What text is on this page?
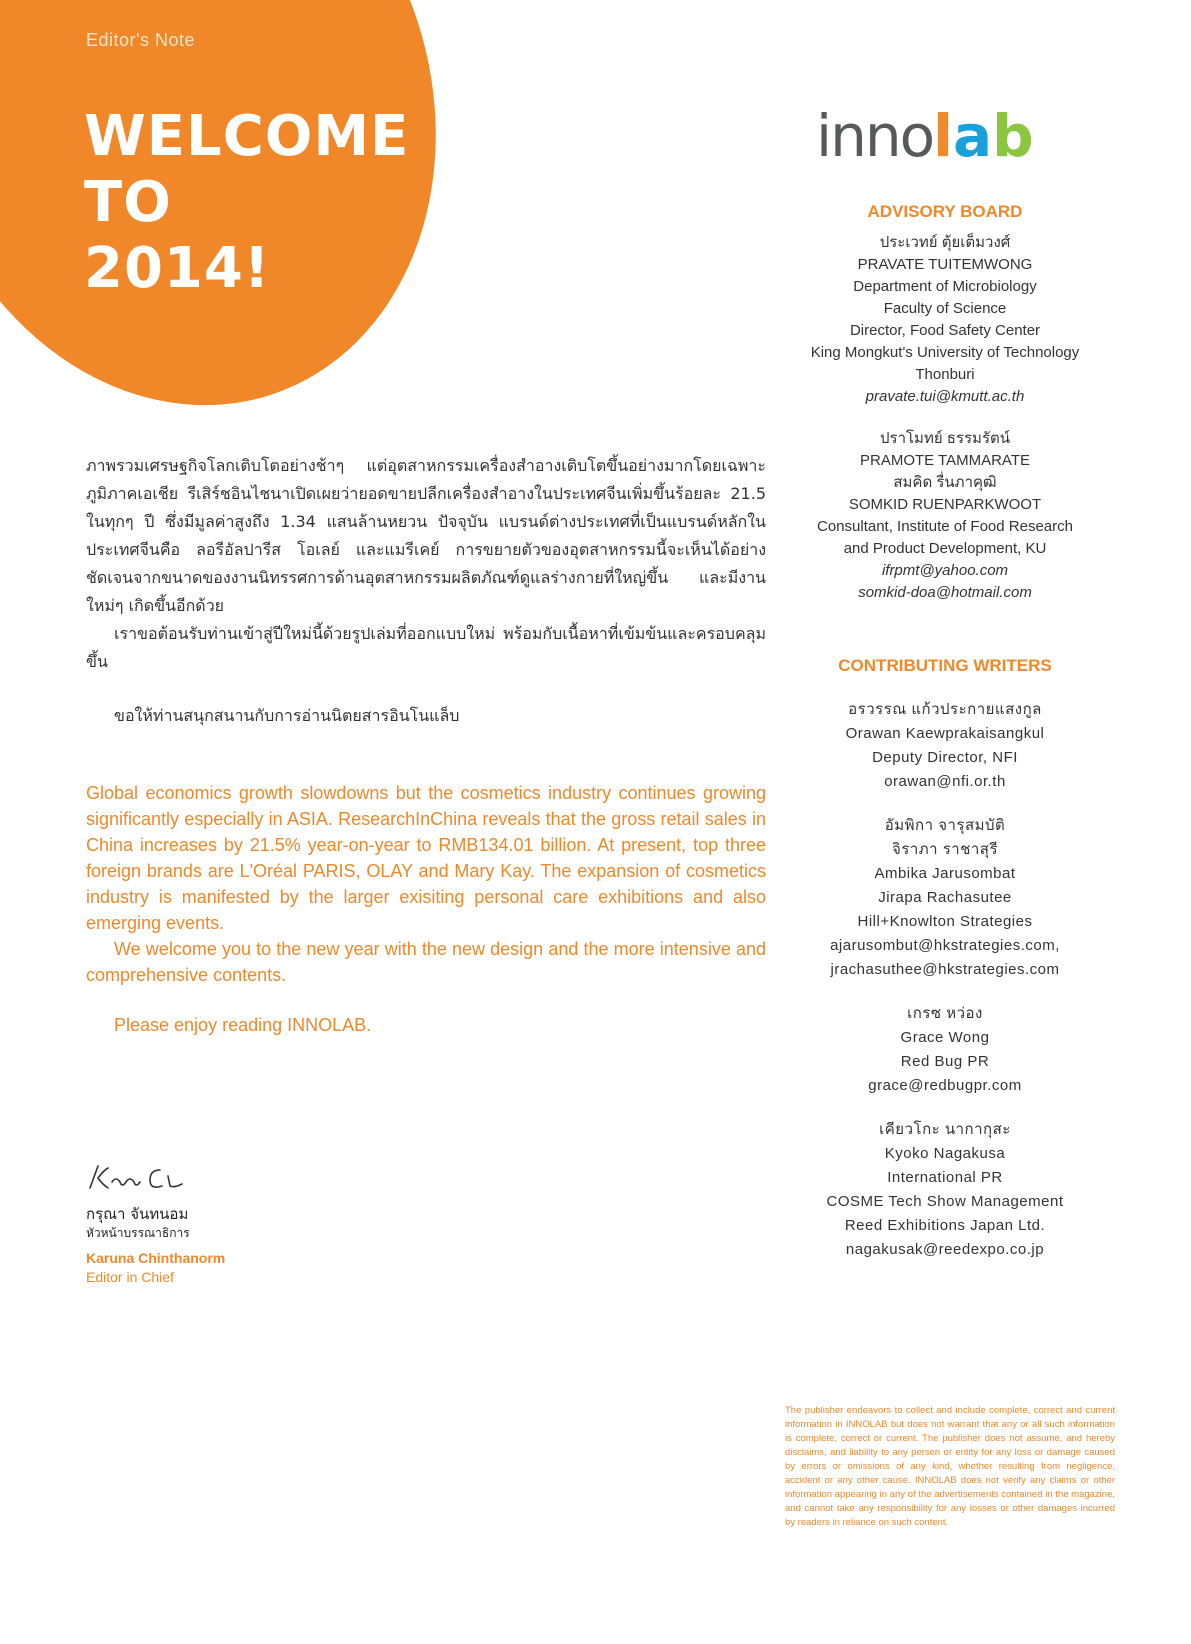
Editor's Note
WELCOME
TO
2014!
innolab

ภาพรวมเศรษฐกิจโลกเติบโตอย่างช้าๆ แต่อุตสาหกรรมเครื่องสำอางเติบโตขึ้นอย่างมากโดยเฉพาะภูมิภาคเอเชีย รีเสิร์ชอินไชนาเปิดเผยว่ายอดขายปลีกเครื่องสำอางในประเทศจีนเพิ่มขึ้นร้อยละ 21.5 ในทุกๆ ปี ซึ่งมีมูลค่าสูงถึง 1.34 แสนล้านหยวน ปัจจุบัน แบรนด์ต่างประเทศที่เป็นแบรนด์หลักในประเทศจีนคือ ลอรีอัลปารีส โอเลย์ และแมรีเคย์ การขยายตัวของอุตสาหกรรมนี้จะเห็นได้อย่างชัดเจนจากขนาดของงานนิทรรศการด้านอุตสาหกรรมผลิตภัณฑ์ดูแลร่างกายที่ใหญ่ขึ้น และมีงานใหม่ๆ เกิดขึ้นอีกด้วย

เราขอต้อนรับท่านเข้าสู่ปีใหม่นี้ด้วยรูปเล่มที่ออกแบบใหม่ พร้อมกับเนื้อหาที่เข้มข้นและครอบคลุมขึ้น

ขอให้ท่านสนุกสนานกับการอ่านนิตยสารอินโนแล็บ

Global economics growth slowdowns but the cosmetics industry continues growing significantly especially in ASIA. ResearchInChina reveals that the gross retail sales in China increases by 21.5% year-on-year to RMB134.01 billion. At present, top three foreign brands are L'Oréal PARIS, OLAY and Mary Kay. The expansion of cosmetics industry is manifested by the larger exisiting personal care exhibitions and also emerging events.

We welcome you to the new year with the new design and the more intensive and comprehensive contents.

Please enjoy reading INNOLAB.

กรุณา จันทนอม
หัวหน้าบรรณาธิการ
Karuna Chinthanorm
Editor in Chief
ADVISORY BOARD
ประเวทย์ ตุ้ยเต็มวงศ์
PRAVATE TUITEMWONG
Department of Microbiology
Faculty of Science
Director, Food Safety Center
King Mongkut's University of Technology
Thonburi
pravate.tui@kmutt.ac.th
ปราโมทย์ ธรรมรัตน์
PRAMOTE TAMMARATE
สมคิด รื่นภาคุฒิ
SOMKID RUENPARKWOOT
Consultant, Institute of Food Research
and Product Development, KU
ifrpmt@yahoo.com
somkid-doa@hotmail.com
CONTRIBUTING WRITERS
อรวรรณ แก้วประกายแสงกูล
Orawan Kaewprakaisangkul
Deputy Director, NFI
orawan@nfi.or.th
อัมพิกา จารุสมบัติ
จิราภา ราชาสุรี
Ambika Jarusombat
Jirapa Rachasutee
Hill+Knowlton Strategies
ajarusombut@hkstrategies.com,
jrachasuthee@hkstrategies.com
เกรซ หว่อง
Grace Wong
Red Bug PR
grace@redbugpr.com
เคียวโกะ นากากุสะ
Kyoko Nagakusa
International PR
COSME Tech Show Management
Reed Exhibitions Japan Ltd.
nagakusak@reedexpo.co.jp
The publisher endeavors to collect and include complete, correct and current information in INNOLAB but does not warrant that any or all such information is complete, correct or current. The publisher does not assume, and hereby disclaims, and liability to any person or entity for any loss or damage caused by errors or omissions of any kind, whether resulting from negligence, accident or any other cause. INNOLAB does not verify any claims or other information appearing in any of the advertisements contained in the magazine, and cannot take any responsibility for any losses or other damages incurred by readers in reliance on such content.
